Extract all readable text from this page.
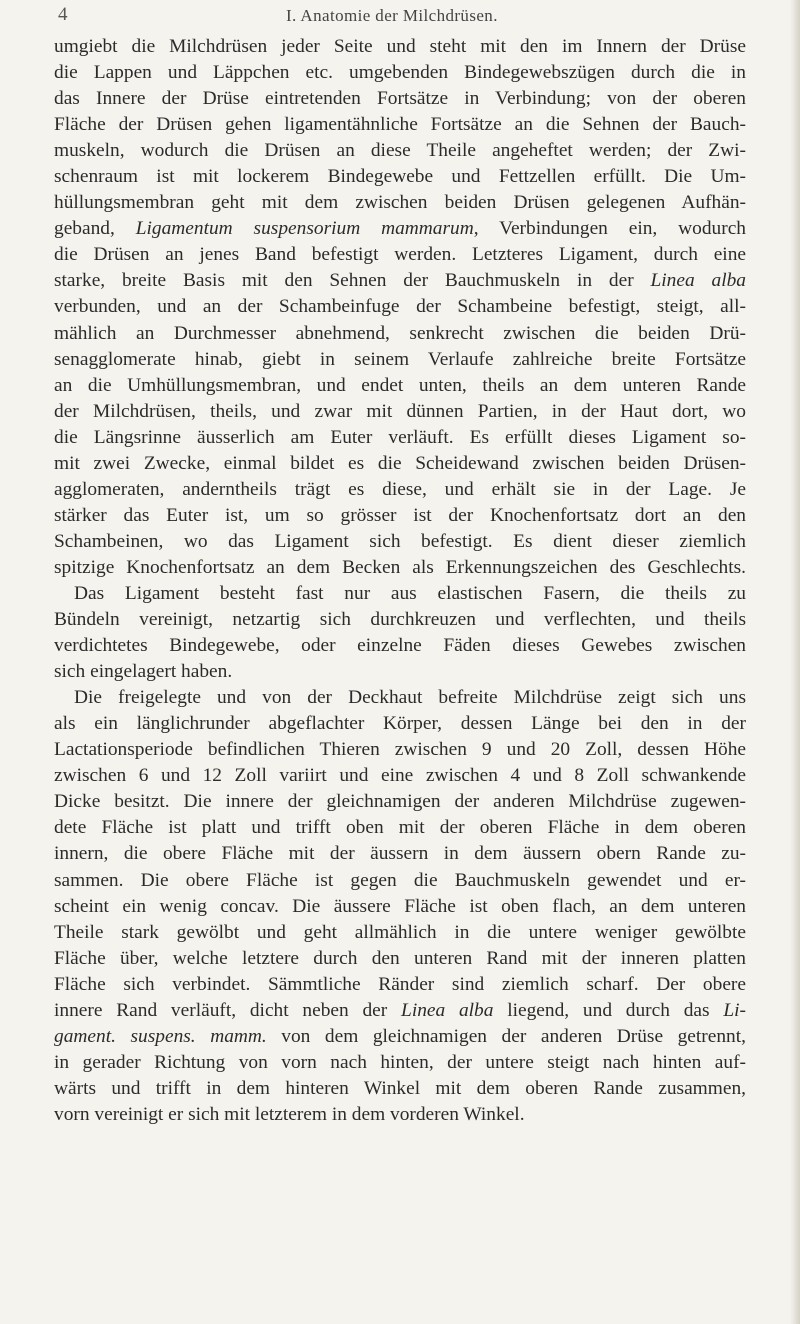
4	I. Anatomie der Milchdrüsen.
umgiebt die Milchdrüsen jeder Seite und steht mit den im Innern der Drüse
die Lappen und Läppchen etc. umgebenden Bindegewebszügen durch die in
das Innere der Drüse eintretenden Fortsätze in Verbindung; von der oberen
Fläche der Drüsen gehen ligamentähnliche Fortsätze an die Sehnen der Bauch-
muskeln, wodurch die Drüsen an diese Theile angeheftet werden; der Zwi-
schenraum ist mit lockerem Bindegewebe und Fettzellen erfüllt. Die Um-
hüllungsmembran geht mit dem zwischen beiden Drüsen gelegenen Aufhän-
geband, Ligamentum suspensorium mammarum, Verbindungen ein, wodurch
die Drüsen an jenes Band befestigt werden. Letzteres Ligament, durch eine
starke, breite Basis mit den Sehnen der Bauchmuskeln in der Linea alba
verbunden, und an der Schambeinfuge der Schambeine befestigt, steigt, all-
mählich an Durchmesser abnehmend, senkrecht zwischen die beiden Drü-
senagglomerate hinab, giebt in seinem Verlaufe zahlreiche breite Fortsätze
an die Umhüllungsmembran, und endet unten, theils an dem unteren Rande
der Milchdrüsen, theils, und zwar mit dünnen Partien, in der Haut dort, wo
die Längsrinne äusserlich am Euter verläuft. Es erfüllt dieses Ligament so-
mit zwei Zwecke, einmal bildet es die Scheidewand zwischen beiden Drüsen-
agglomeraten, anderntheils trägt es diese, und erhält sie in der Lage. Je
stärker das Euter ist, um so grösser ist der Knochenfortsatz dort an den
Schambeinen, wo das Ligament sich befestigt. Es dient dieser ziemlich
spitzige Knochenfortsatz an dem Becken als Erkennungszeichen des Geschlechts.
Das Ligament besteht fast nur aus elastischen Fasern, die theils zu
Bündeln vereinigt, netzartig sich durchkreuzen und verflechten, und theils
verdichtetes Bindegewebe, oder einzelne Fäden dieses Gewebes zwischen
sich eingelagert haben.
Die freigelegte und von der Deckhaut befreite Milchdrüse zeigt sich uns
als ein länglichrunder abgeflachter Körper, dessen Länge bei den in der
Lactationsperiode befindlichen Thieren zwischen 9 und 20 Zoll, dessen Höhe
zwischen 6 und 12 Zoll variirt und eine zwischen 4 und 8 Zoll schwankende
Dicke besitzt. Die innere der gleichnamigen der anderen Milchdrüse zugewen-
dete Fläche ist platt und trifft oben mit der oberen Fläche in dem oberen
innern, die obere Fläche mit der äussern in dem äussern obern Rande zu-
sammen. Die obere Fläche ist gegen die Bauchmuskeln gewendet und er-
scheint ein wenig concav. Die äussere Fläche ist oben flach, an dem unteren
Theile stark gewölbt und geht allmählich in die untere weniger gewölbte
Fläche über, welche letztere durch den unteren Rand mit der inneren platten
Fläche sich verbindet. Sämmtliche Ränder sind ziemlich scharf. Der obere
innere Rand verläuft, dicht neben der Linea alba liegend, und durch das Li-
gament. suspens. mamm. von dem gleichnamigen der anderen Drüse getrennt,
in gerader Richtung von vorn nach hinten, der untere steigt nach hinten auf-
wärts und trifft in dem hinteren Winkel mit dem oberen Rande zusammen,
vorn vereinigt er sich mit letzterem in dem vorderen Winkel.
